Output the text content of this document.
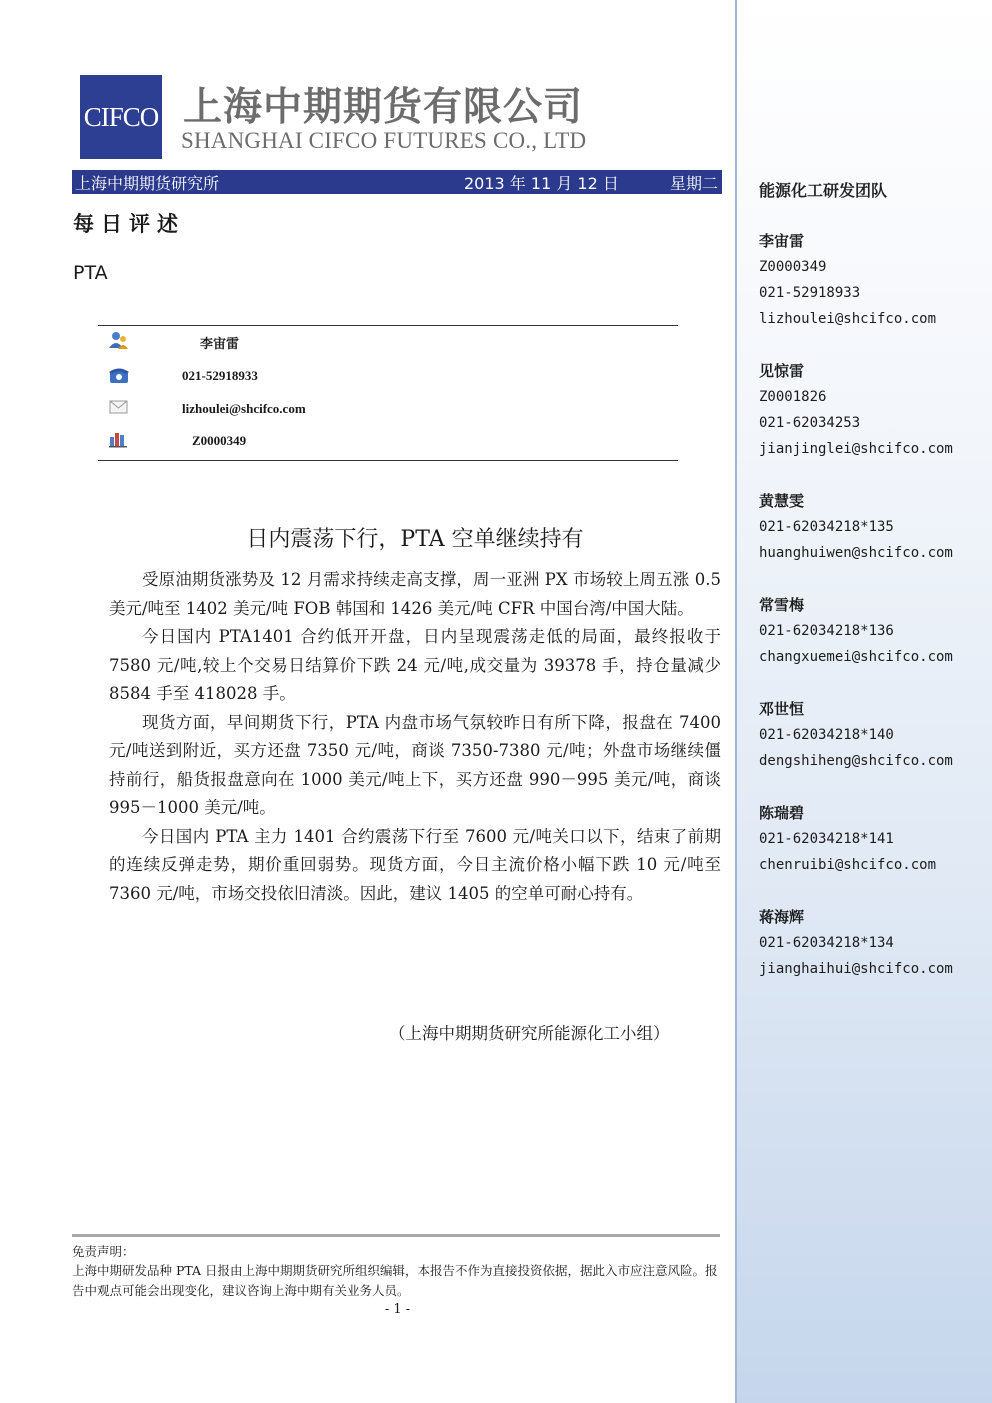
CIFCO 上海中期期货有限公司
SHANGHAI CIFCO FUTURES CO., LTD
上海中期期货研究所	2013 年 11 月 12 日	星期二
每日评述
PTA
李宙雷
021-52918933
lizhoulei@shcifco.com
Z0000349
日内震荡下行，PTA 空单继续持有

受原油期货涨势及 12 月需求持续走高支撑，周一亚洲 PX 市场较上周五涨 0.5 美元/吨至 1402 美元/吨 FOB 韩国和 1426 美元/吨 CFR 中国台湾/中国大陆。

今日国内 PTA1401 合约低开开盘，日内呈现震荡走低的局面，最终报收于 7580 元/吨,较上个交易日结算价下跌 24 元/吨,成交量为 39378 手，持仓量减少 8584 手至 418028 手。

现货方面，早间期货下行，PTA 内盘市场气氛较昨日有所下降，报盘在 7400 元/吨送到附近，买方还盘 7350 元/吨，商谈 7350-7380 元/吨；外盘市场继续僵持前行，船货报盘意向在 1000 美元/吨上下，买方还盘 990－995 美元/吨，商谈 995－1000 美元/吨。

今日国内 PTA 主力 1401 合约震荡下行至 7600 元/吨关口以下，结束了前期的连续反弹走势，期价重回弱势。现货方面，今日主流价格小幅下跌 10 元/吨至 7360 元/吨，市场交投依旧清淡。因此，建议 1405 的空单可耐心持有。

（上海中期期货研究所能源化工小组）
免责声明：
上海中期研发品种 PTA 日报由上海中期期货研究所组织编辑，本报告不作为直接投资依据，据此入市应注意风险。报告中观点可能会出现变化，建议咨询上海中期有关业务人员。
- 1 -
能源化工研发团队
李宙雷
Z0000349
021-52918933
lizhoulei@shcifco.com
见惊雷
Z0001826
021-62034253
jianjinglei@shcifco.com
黄慧雯
021-62034218*135
huanghuiwen@shcifco.com
常雪梅
021-62034218*136
changxuemei@shcifco.com
邓世恒
021-62034218*140
dengshiheng@shcifco.com
陈瑞碧
021-62034218*141
chenruibi@shcifco.com
蒋海辉
021-62034218*134
jianghaihui@shcifco.com
